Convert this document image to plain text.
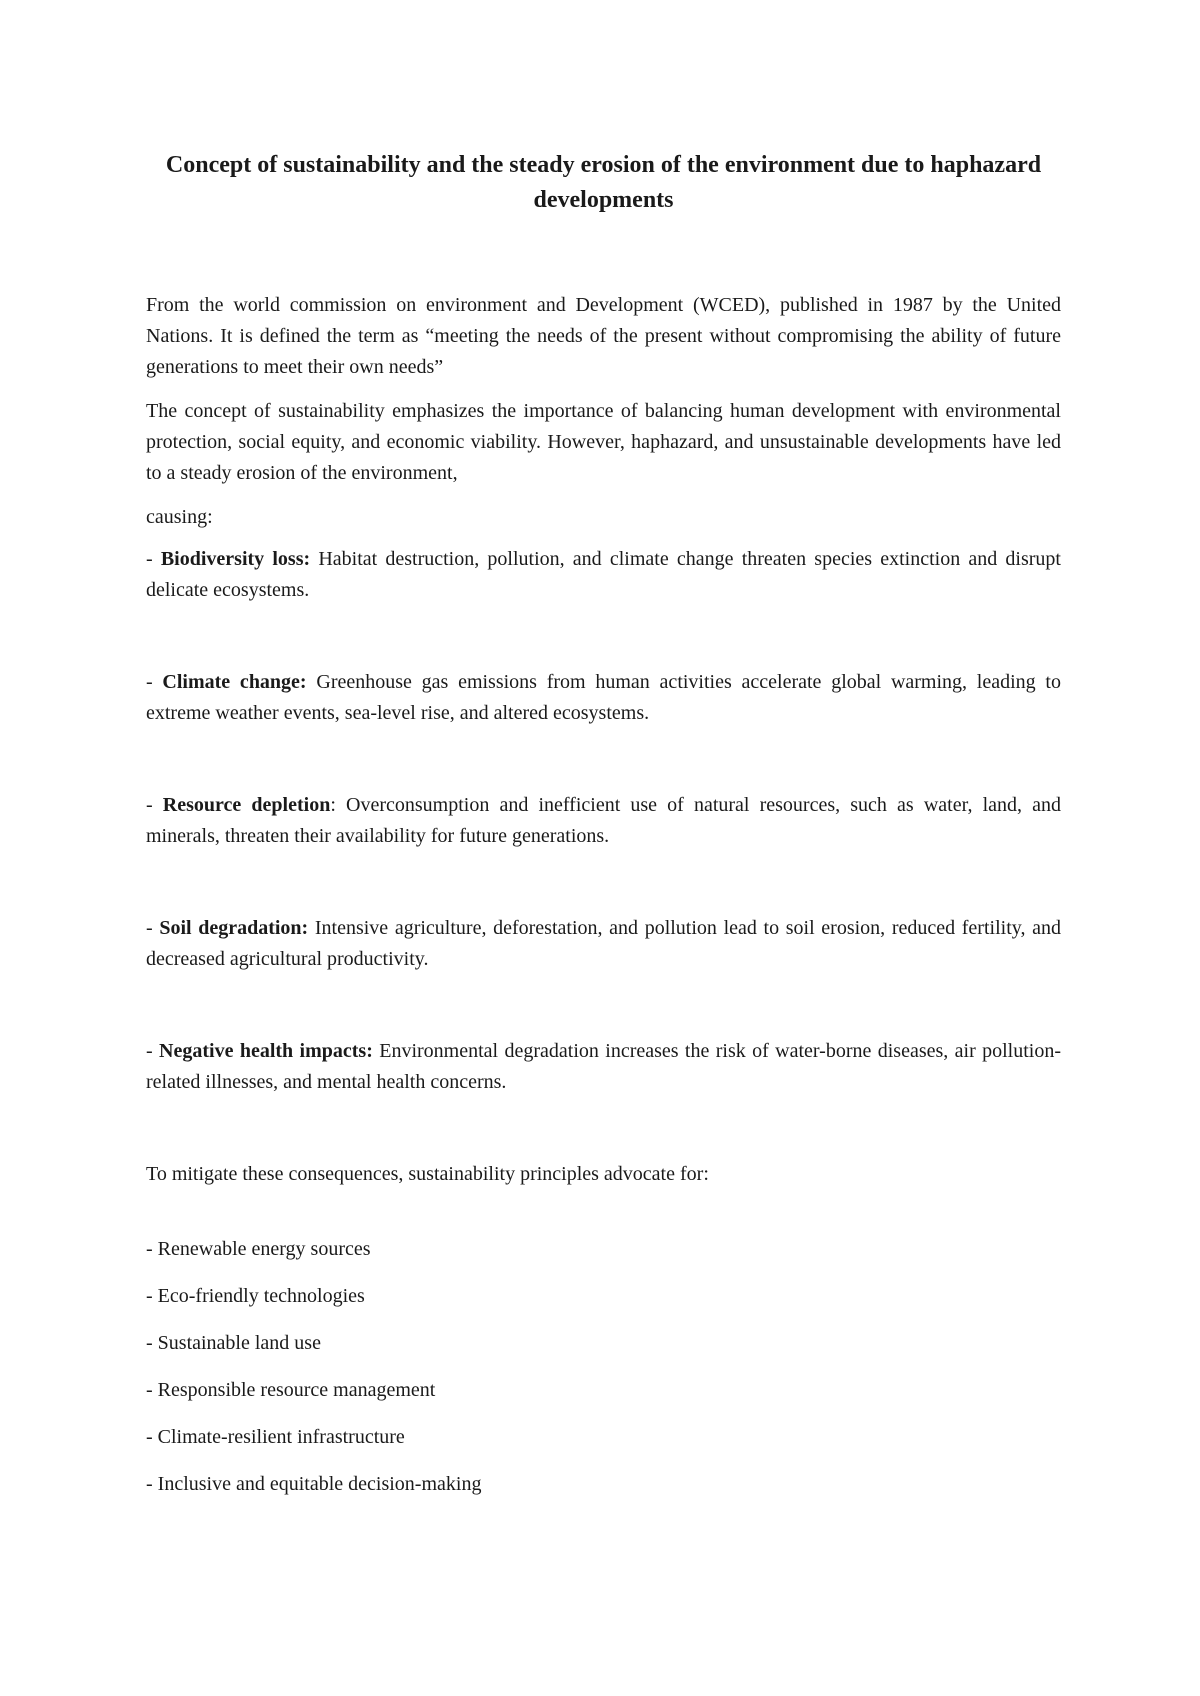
Concept of sustainability and the steady erosion of the environment due to haphazard developments

From the world commission on environment and Development (WCED), published in 1987 by the United Nations. It is defined the term as “meeting the needs of the present without compromising the ability of future generations to meet their own needs”

The concept of sustainability emphasizes the importance of balancing human development with environmental protection, social equity, and economic viability. However, haphazard, and unsustainable developments have led to a steady erosion of the environment,

causing:

- Biodiversity loss: Habitat destruction, pollution, and climate change threaten species extinction and disrupt delicate ecosystems.

- Climate change: Greenhouse gas emissions from human activities accelerate global warming, leading to extreme weather events, sea-level rise, and altered ecosystems.

- Resource depletion: Overconsumption and inefficient use of natural resources, such as water, land, and minerals, threaten their availability for future generations.

- Soil degradation: Intensive agriculture, deforestation, and pollution lead to soil erosion, reduced fertility, and decreased agricultural productivity.

- Negative health impacts: Environmental degradation increases the risk of water-borne diseases, air pollution-related illnesses, and mental health concerns.

To mitigate these consequences, sustainability principles advocate for:

- Renewable energy sources
- Eco-friendly technologies
- Sustainable land use
- Responsible resource management
- Climate-resilient infrastructure
- Inclusive and equitable decision-making
